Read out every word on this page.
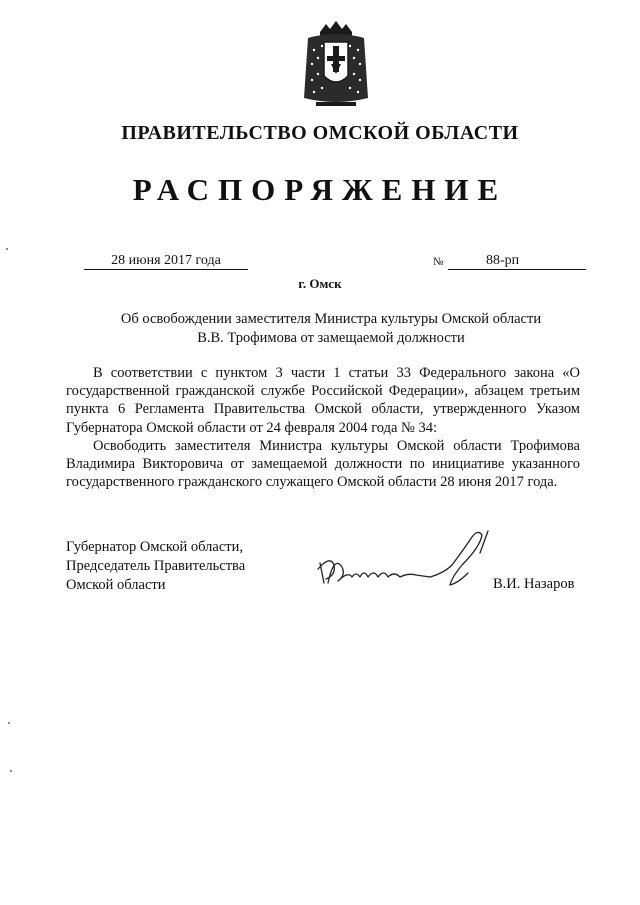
ПРАВИТЕЛЬСТВО ОМСКОЙ ОБЛАСТИ
РАСПОРЯЖЕНИЕ
28 июня 2017 года	№	88-рп
г. Омск
Об освобождении заместителя Министра культуры Омской области
В.В. Трофимова от замещаемой должности

В соответствии с пунктом 3 части 1 статьи 33 Федерального закона «О государственной гражданской службе Российской Федерации», абзацем третьим пункта 6 Регламента Правительства Омской области, утвержденного Указом Губернатора Омской области от 24 февраля 2004 года № 34:

Освободить заместителя Министра культуры Омской области Трофимова Владимира Викторовича от замещаемой должности по инициативе указанного государственного гражданского служащего Омской области 28 июня 2017 года.

Губернатор Омской области,
Председатель Правительства
Омской области	В.И. Назаров
